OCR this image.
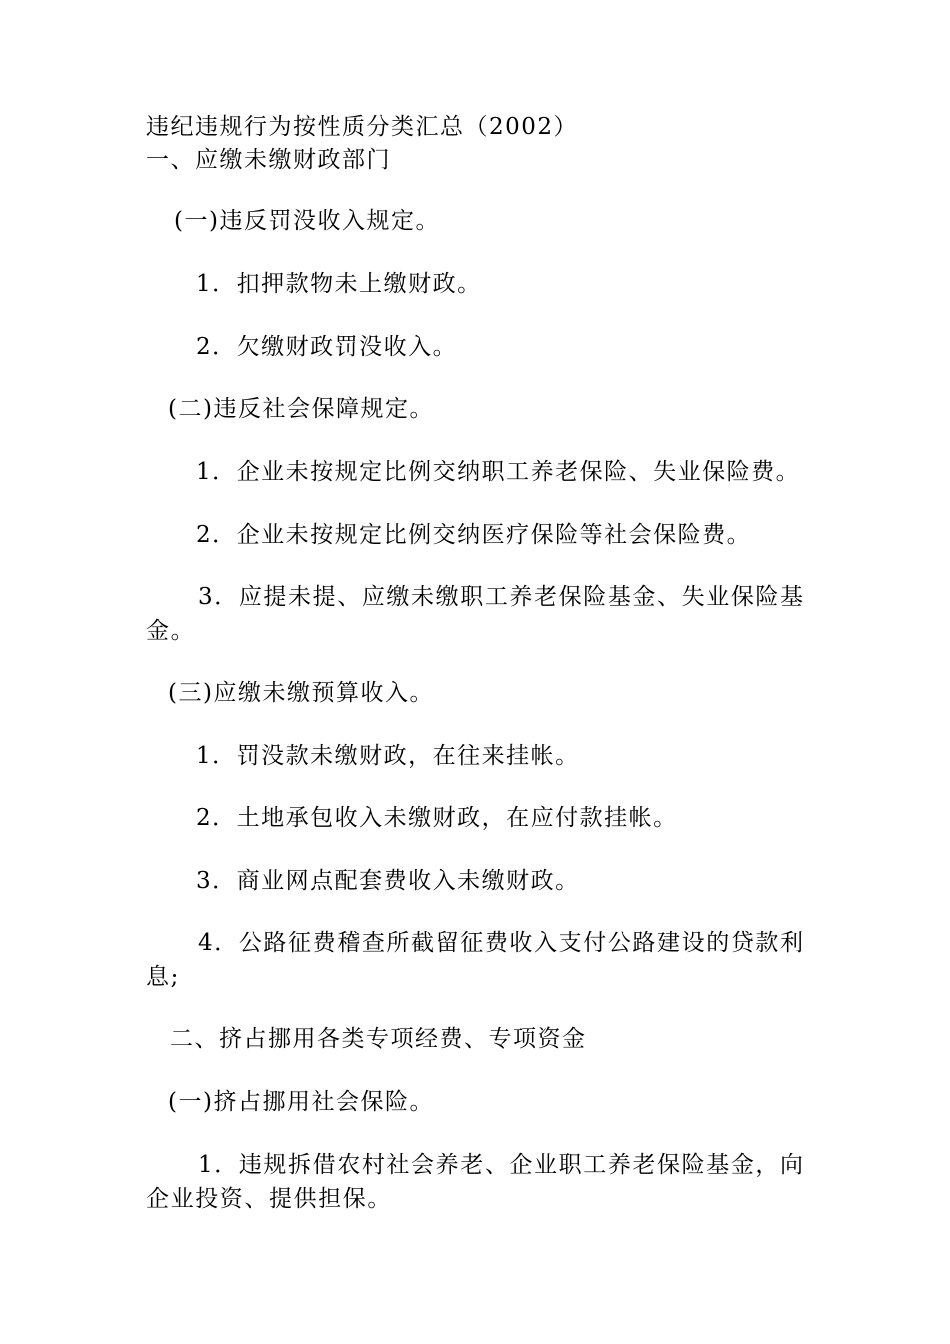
违纪违规行为按性质分类汇总（2002）
一、应缴未缴财政部门
(一)违反罚没收入规定。
1．扣押款物未上缴财政。
2．欠缴财政罚没收入。
(二)违反社会保障规定。
1．企业未按规定比例交纳职工养老保险、失业保险费。
2．企业未按规定比例交纳医疗保险等社会保险费。
3．应提未提、应缴未缴职工养老保险基金、失业保险基金。
(三)应缴未缴预算收入。
1．罚没款未缴财政，在往来挂帐。
2．土地承包收入未缴财政，在应付款挂帐。
3．商业网点配套费收入未缴财政。
4．公路征费稽查所截留征费收入支付公路建设的贷款利息;
二、挤占挪用各类专项经费、专项资金
(一)挤占挪用社会保险。
1．违规拆借农村社会养老、企业职工养老保险基金，向企业投资、提供担保。
